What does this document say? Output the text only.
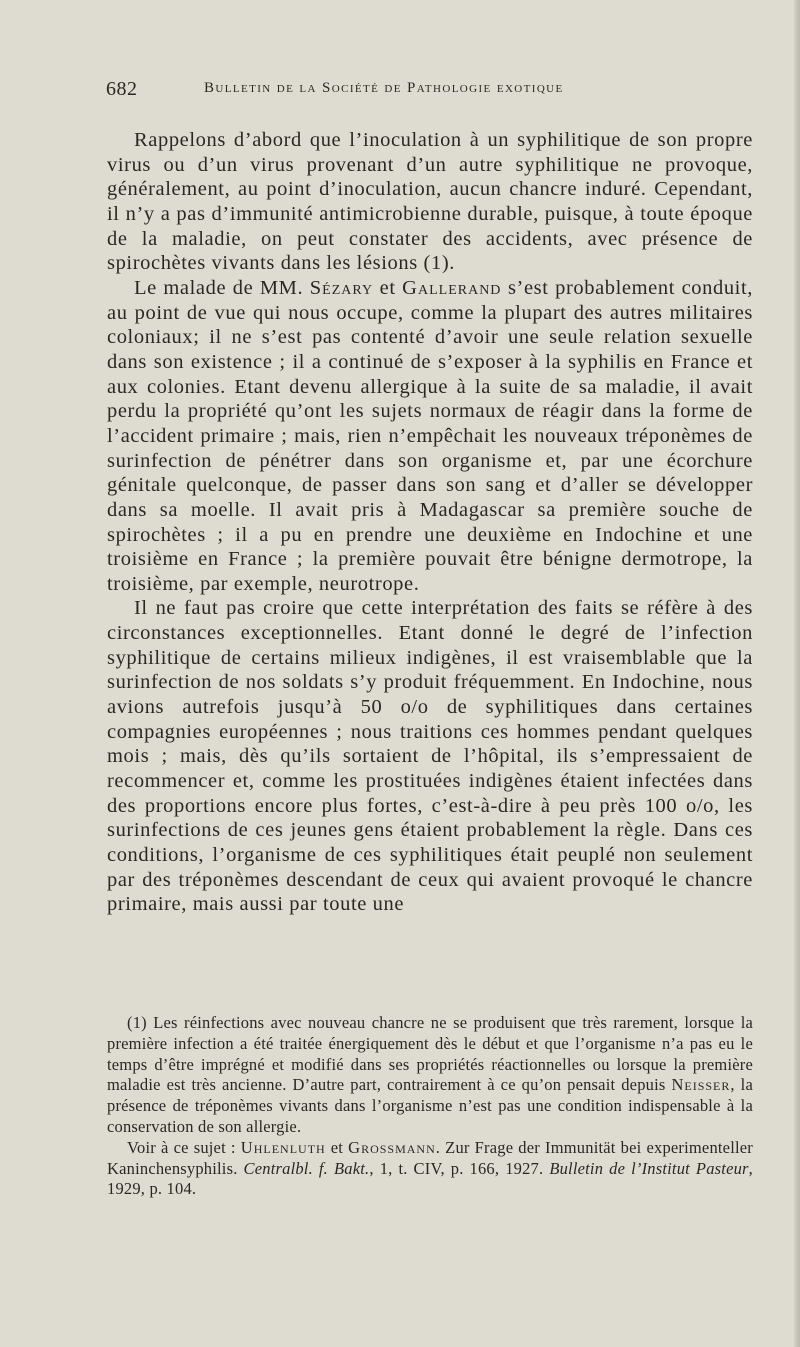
682	Bulletin de la Société de Pathologie exotique

Rappelons d’abord que l’inoculation à un syphilitique de son propre virus ou d’un virus provenant d’un autre syphilitique ne provoque, généralement, au point d’inoculation, aucun chancre induré. Cependant, il n’y a pas d’immunité antimicrobienne durable, puisque, à toute époque de la maladie, on peut constater des accidents, avec présence de spirochètes vivants dans les lésions (1).

Le malade de MM. Sézary et Gallerand s’est probablement conduit, au point de vue qui nous occupe, comme la plupart des autres militaires coloniaux; il ne s’est pas contenté d’avoir une seule relation sexuelle dans son existence ; il a continué de s’exposer à la syphilis en France et aux colonies. Etant devenu allergique à la suite de sa maladie, il avait perdu la propriété qu’ont les sujets normaux de réagir dans la forme de l’accident primaire ; mais, rien n’empêchait les nouveaux tréponèmes de surinfection de pénétrer dans son organisme et, par une écorchure génitale quelconque, de passer dans son sang et d’aller se développer dans sa moelle. Il avait pris à Madagascar sa première souche de spirochètes ; il a pu en prendre une deuxième en Indochine et une troisième en France ; la première pouvait être bénigne dermotrope, la troisième, par exemple, neurotrope.

Il ne faut pas croire que cette interprétation des faits se réfère à des circonstances exceptionnelles. Etant donné le degré de l’infection syphilitique de certains milieux indigènes, il est vraisemblable que la surinfection de nos soldats s’y produit fréquemment. En Indochine, nous avions autrefois jusqu’à 50 o/o de syphilitiques dans certaines compagnies européennes ; nous traitions ces hommes pendant quelques mois ; mais, dès qu’ils sortaient de l’hôpital, ils s’empressaient de recommencer et, comme les prostituées indigènes étaient infectées dans des proportions encore plus fortes, c’est-à-dire à peu près 100 o/o, les surinfections de ces jeunes gens étaient probablement la règle. Dans ces conditions, l’organisme de ces syphilitiques était peuplé non seulement par des tréponèmes descendant de ceux qui avaient provoqué le chancre primaire, mais aussi par toute une

(1) Les réinfections avec nouveau chancre ne se produisent que très rarement, lorsque la première infection a été traitée énergiquement dès le début et que l’organisme n’a pas eu le temps d’être imprégné et modifié dans ses propriétés réactionnelles ou lorsque la première maladie est très ancienne. D’autre part, contrairement à ce qu’on pensait depuis Neisser, la présence de tréponèmes vivants dans l’organisme n’est pas une condition indispensable à la conservation de son allergie.

Voir à ce sujet : Uhlenluth et Grossmann. Zur Frage der Immunität bei experimenteller Kaninchensyphilis. Centralbl. f. Bakt., 1, t. CIV, p. 166, 1927. Bulletin de l’Institut Pasteur, 1929, p. 104.
